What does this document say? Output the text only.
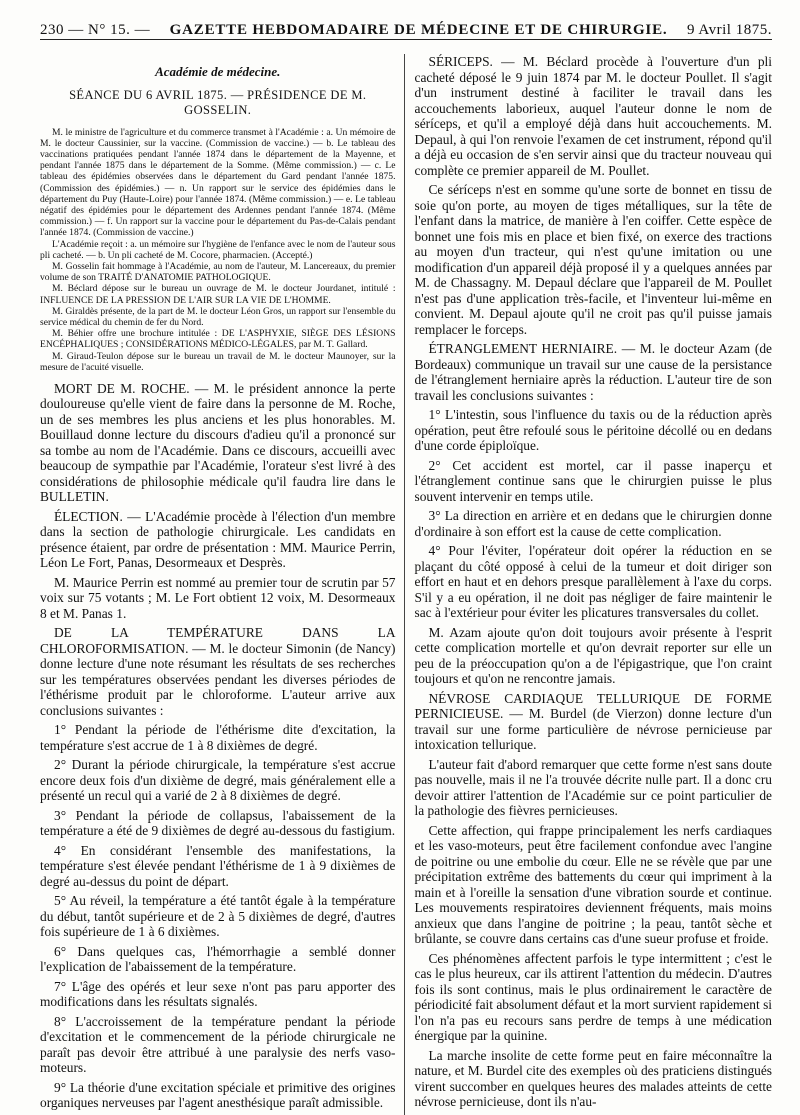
230 — N° 15. — GAZETTE HEBDOMADAIRE DE MÉDECINE ET DE CHIRURGIE. 9 Avril 1875.
Académie de médecine.
SÉANCE DU 6 AVRIL 1875. — PRÉSIDENCE DE M. GOSSELIN.

M. le ministre de l'agriculture et du commerce transmet à l'Académie : a. Un mémoire de M. le docteur Caussinier, sur la vaccine. (Commission de vaccine.) — b. Le tableau des vaccinations pratiquées pendant l'année 1874 dans le département de la Mayenne, et pendant l'année 1875 dans le département de la Somme. (Même commission.) — c. Le tableau des épidémies observées dans le département du Gard pendant l'année 1875. (Commission des épidémies.) — n. Un rapport sur le service des épidémies dans le département du Puy (Haute-Loire) pour l'année 1874. (Même commission.) — e. Le tableau négatif des épidémies pour le département des Ardennes pendant l'année 1874. (Même commission.) — f. Un rapport sur la vaccine pour le département du Pas-de-Calais pendant l'année 1874. (Commission de vaccine.)

L'Académie reçoit : a. un mémoire sur l'hygiène de l'enfance avec le nom de l'auteur sous pli cacheté. — b. Un pli cacheté de M. Cocore, pharmacien. (Accepté.)

M. Gosselin fait hommage à l'Académie, au nom de l'auteur, M. Lancereaux, du premier volume de son TRAITÉ D'ANATOMIE PATHOLOGIQUE.

M. Béclard dépose sur le bureau un ouvrage de M. le docteur Jourdanet, intitulé : INFLUENCE DE LA PRESSION DE L'AIR SUR LA VIE DE L'HOMME.

M. Giraldès présente, de la part de M. le docteur Léon Gros, un rapport sur l'ensemble du service médical du chemin de fer du Nord.

M. Béhier offre une brochure intitulée : DE L'ASPHYXIE, SIÈGE DES LÉSIONS ENCÉPHALIQUES ; CONSIDÉRATIONS MÉDICO-LÉGALES, par M. T. Gallard.

M. Giraud-Teulon dépose sur le bureau un travail de M. le docteur Maunoyer, sur la mesure de l'acuité visuelle.

MORT DE M. ROCHE. — M. le président annonce la perte douloureuse qu'elle vient de faire dans la personne de M. Roche, un de ses membres les plus anciens et les plus honorables. M. Bouillaud donne lecture du discours d'adieu qu'il a prononcé sur sa tombe au nom de l'Académie. Dans ce discours, accueilli avec beaucoup de sympathie par l'Académie, l'orateur s'est livré à des considérations de philosophie médicale qu'il faudra lire dans le BULLETIN.

ÉLECTION. — L'Académie procède à l'élection d'un membre dans la section de pathologie chirurgicale. Les candidats en présence étaient, par ordre de présentation : MM. Maurice Perrin, Léon Le Fort, Panas, Desormeaux et Desprès.

M. Maurice Perrin est nommé au premier tour de scrutin par 57 voix sur 75 votants ; M. Le Fort obtient 12 voix, M. Desormeaux 8 et M. Panas 1.

DE LA TEMPÉRATURE DANS LA CHLOROFORMISATION. — M. le docteur Simonin (de Nancy) donne lecture d'une note résumant les résultats de ses recherches sur les températures observées pendant les diverses périodes de l'éthérisme produit par le chloroforme. L'auteur arrive aux conclusions suivantes :

1° Pendant la période de l'éthérisme dite d'excitation, la température s'est accrue de 1 à 8 dixièmes de degré.

2° Durant la période chirurgicale, la température s'est accrue encore deux fois d'un dixième de degré, mais généralement elle a présenté un recul qui a varié de 2 à 8 dixièmes de degré.

3° Pendant la période de collapsus, l'abaissement de la température a été de 9 dixièmes de degré au-dessous du fastigium.

4° En considérant l'ensemble des manifestations, la température s'est élevée pendant l'éthérisme de 1 à 9 dixièmes de degré au-dessus du point de départ.

5° Au réveil, la température a été tantôt égale à la température du début, tantôt supérieure et de 2 à 5 dixièmes de degré, d'autres fois supérieure de 1 à 6 dixièmes.

6° Dans quelques cas, l'hémorrhagie a semblé donner l'explication de l'abaissement de la température.

7° L'âge des opérés et leur sexe n'ont pas paru apporter des modifications dans les résultats signalés.

8° L'accroissement de la température pendant la période d'excitation et le commencement de la période chirurgicale ne paraît pas devoir être attribué à une paralysie des nerfs vaso-moteurs.

9° La théorie d'une excitation spéciale et primitive des origines organiques nerveuses par l'agent anesthésique paraît admissible.

SÉRICEPS. — M. Béclard procède à l'ouverture d'un pli cacheté déposé le 9 juin 1874 par M. le docteur Poullet. Il s'agit d'un instrument destiné à faciliter le travail dans les accouchements laborieux, auquel l'auteur donne le nom de séríceps, et qu'il a employé déjà dans huit accouchements. M. Depaul, à qui l'on renvoie l'examen de cet instrument, répond qu'il a déjà eu occasion de s'en servir ainsi que du tracteur nouveau qui complète ce premier appareil de M. Poullet.

Ce séríceps n'est en somme qu'une sorte de bonnet en tissu de soie qu'on porte, au moyen de tiges métalliques, sur la tête de l'enfant dans la matrice, de manière à l'en coiffer. Cette espèce de bonnet une fois mis en place et bien fixé, on exerce des tractions au moyen d'un tracteur, qui n'est qu'une imitation ou une modification d'un appareil déjà proposé il y a quelques années par M. de Chassagny. M. Depaul déclare que l'appareil de M. Poullet n'est pas d'une application très-facile, et l'inventeur lui-même en convient. M. Depaul ajoute qu'il ne croit pas qu'il puisse jamais remplacer le forceps.

ÉTRANGLEMENT HERNIAIRE. — M. le docteur Azam (de Bordeaux) communique un travail sur une cause de la persistance de l'étranglement herniaire après la réduction. L'auteur tire de son travail les conclusions suivantes :

1° L'intestin, sous l'influence du taxis ou de la réduction après opération, peut être refoulé sous le péritoine décollé ou en dedans d'une corde épiploïque.

2° Cet accident est mortel, car il passe inaperçu et l'étranglement continue sans que le chirurgien puisse le plus souvent intervenir en temps utile.

3° La direction en arrière et en dedans que le chirurgien donne d'ordinaire à son effort est la cause de cette complication.

4° Pour l'éviter, l'opérateur doit opérer la réduction en se plaçant du côté opposé à celui de la tumeur et doit diriger son effort en haut et en dehors presque parallèlement à l'axe du corps. S'il y a eu opération, il ne doit pas négliger de faire maintenir le sac à l'extérieur pour éviter les plicatures transversales du collet.

M. Azam ajoute qu'on doit toujours avoir présente à l'esprit cette complication mortelle et qu'on devrait reporter sur elle un peu de la préoccupation qu'on a de l'épigastrique, que l'on craint toujours et qu'on ne rencontre jamais.

NÉVROSE CARDIAQUE TELLURIQUE DE FORME PERNICIEUSE. — M. Burdel (de Vierzon) donne lecture d'un travail sur une forme particulière de névrose pernicieuse par intoxication tellurique.

L'auteur fait d'abord remarquer que cette forme n'est sans doute pas nouvelle, mais il ne l'a trouvée décrite nulle part. Il a donc cru devoir attirer l'attention de l'Académie sur ce point particulier de la pathologie des fièvres pernicieuses.

Cette affection, qui frappe principalement les nerfs cardiaques et les vaso-moteurs, peut être facilement confondue avec l'angine de poitrine ou une embolie du cœur. Elle ne se révèle que par une précipitation extrême des battements du cœur qui impriment à la main et à l'oreille la sensation d'une vibration sourde et continue. Les mouvements respiratoires deviennent fréquents, mais moins anxieux que dans l'angine de poitrine ; la peau, tantôt sèche et brûlante, se couvre dans certains cas d'une sueur profuse et froide.

Ces phénomènes affectent parfois le type intermittent ; c'est le cas le plus heureux, car ils attirent l'attention du médecin. D'autres fois ils sont continus, mais le plus ordinairement le caractère de périodicité fait absolument défaut et la mort survient rapidement si l'on n'a pas eu recours sans perdre de temps à une médication énergique par la quinine.

La marche insolite de cette forme peut en faire méconnaître la nature, et M. Burdel cite des exemples où des praticiens distingués virent succomber en quelques heures des malades atteints de cette névrose pernicieuse, dont ils n'au-
